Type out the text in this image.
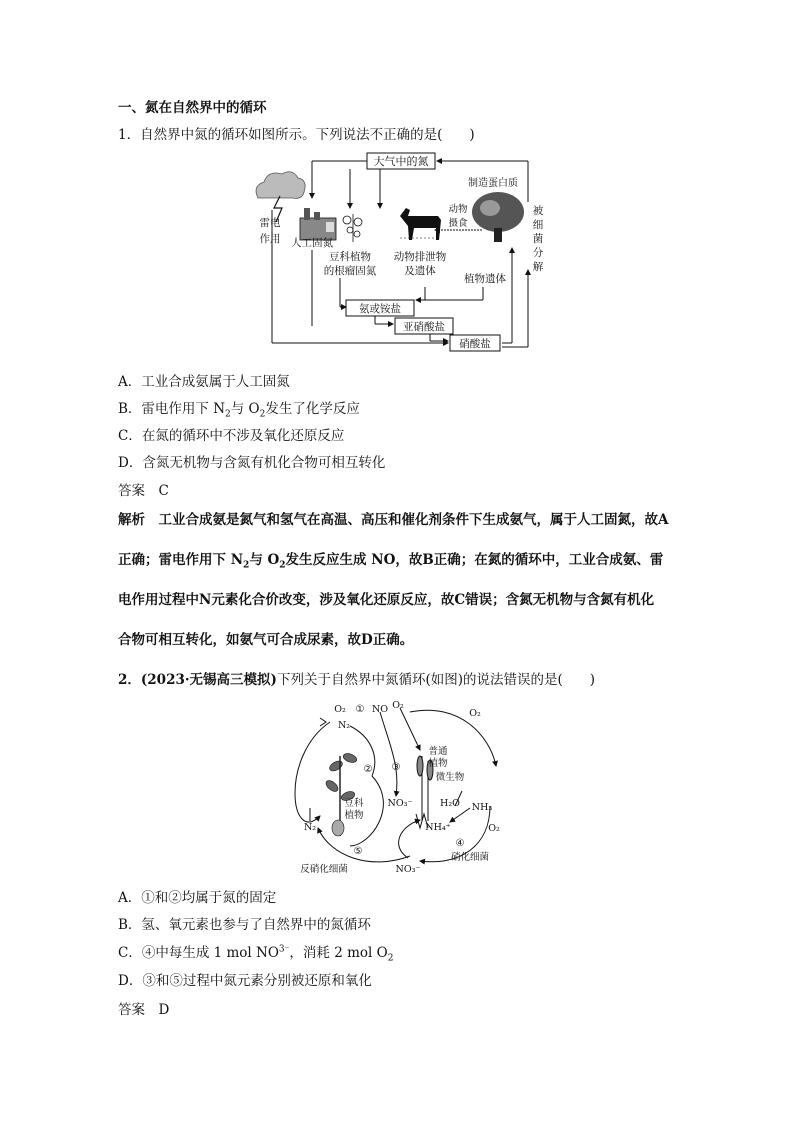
一、氮在自然界中的循环
1．自然界中氮的循环如图所示。下列说法不正确的是(　　)
大气中的氮
制造蛋白质
雷电
作用 人工固氮
豆科植物
的根瘤固氮
动物
摄食
动物排泄物
及遗体
植物遗体
被
细
菌
分
解
氨或铵盐
亚硝酸盐
硝酸盐
A．工业合成氨属于人工固氮
B．雷电作用下 $N_2$与 $O_2$发生了化学反应
C．在氮的循环中不涉及氧化还原反应
D．含氮无机物与含氮有机化合物可相互转化
答案　C
解析　工业合成氨是氮气和氢气在高温、高压和催化剂条件下生成氨气，属于人工固氮，故A
正确；雷电作用下 $N_2$与 $O_2$发生反应生成 NO，故B正确；在氮的循环中，工业合成氨、雷
电作用过程中N元素化合价改变，涉及氧化还原反应，故C错误；含氮无机物与含氮有机化
合物可相互转化，如氨气可合成尿素，故D正确。
2．(2023·无锡高三模拟)下列关于自然界中氮循环(如图)的说法错误的是(　　)
O₂ ① NO O₂
N₂
② ③
普通
植物
微生物
O₂
NO₃⁻	H₂O NH₃
NH₄⁺	O₂
豆科
植物
N₂
⑤
④
硝化细菌
反硝化细菌	NO₃⁻
A．①和②均属于氮的固定
B．氢、氧元素也参与了自然界中的氮循环
C．④中每生成 1 mol $NO^{3^-}$，消耗 2 mol $O_2$
D．③和⑤过程中氮元素分别被还原和氧化
答案　D
